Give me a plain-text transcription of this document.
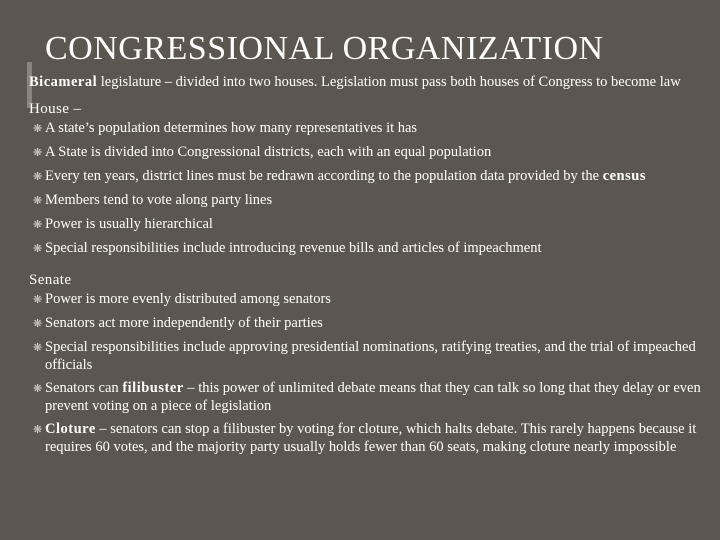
CONGRESSIONAL ORGANIZATION

Bicameral legislature – divided into two houses. Legislation must pass both houses of Congress to become law

House –
❋ A state’s population determines how many representatives it has
❋ A State is divided into Congressional districts, each with an equal population
❋ Every ten years, district lines must be redrawn according to the population data provided by the census
❋ Members tend to vote along party lines
❋ Power is usually hierarchical
❋ Special responsibilities include introducing revenue bills and articles of impeachment
Senate
❋ Power is more evenly distributed among senators
❋ Senators act more independently of their parties
❋ Special responsibilities include approving presidential nominations, ratifying treaties, and the trial of impeached officials
❋ Senators can filibuster – this power of unlimited debate means that they can talk so long that they delay or even prevent voting on a piece of legislation
❋ Cloture – senators can stop a filibuster by voting for cloture, which halts debate. This rarely happens because it requires 60 votes, and the majority party usually holds fewer than 60 seats, making cloture nearly impossible
